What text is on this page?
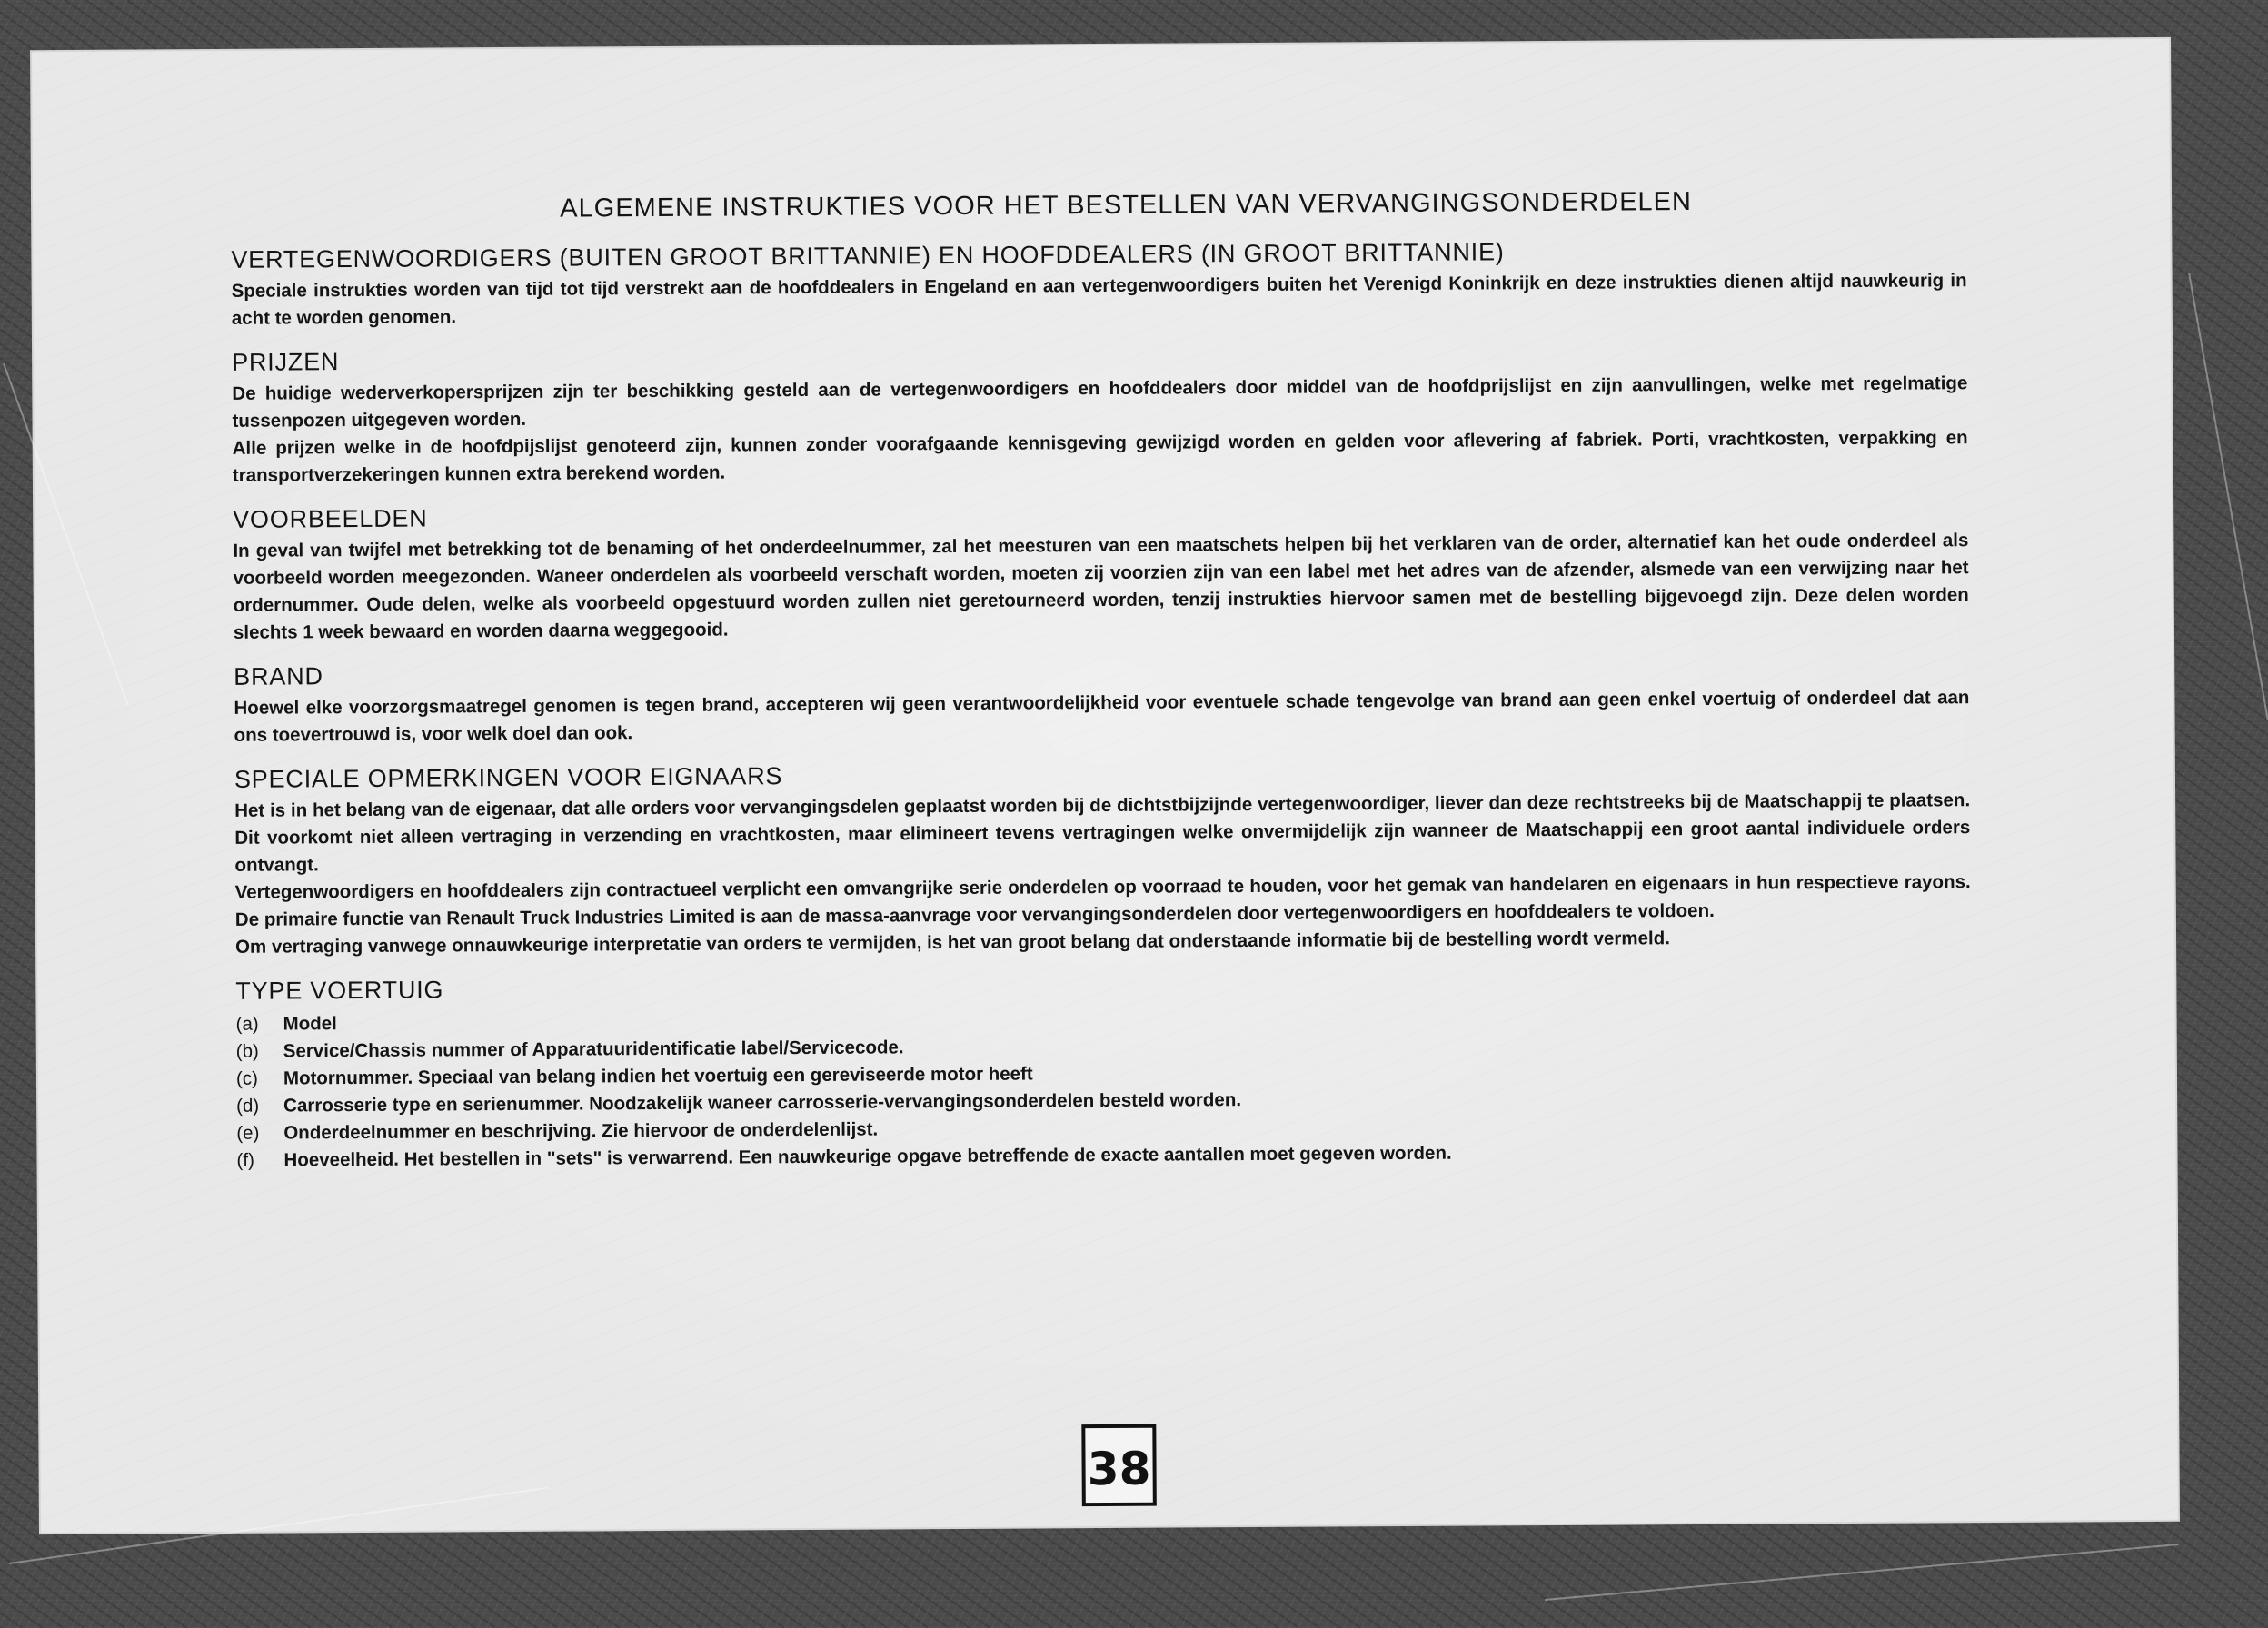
ALGEMENE INSTRUKTIES VOOR HET BESTELLEN VAN VERVANGINGSONDERDELEN
VERTEGENWOORDIGERS (BUITEN GROOT BRITTANNIE) EN HOOFDDEALERS (IN GROOT BRITTANNIE)

Speciale instrukties worden van tijd tot tijd verstrekt aan de hoofddealers in Engeland en aan vertegenwoordigers buiten het Verenigd Koninkrijk en deze instrukties dienen altijd nauwkeurig in acht te worden genomen.

PRIJZEN

De huidige wederverkopersprijzen zijn ter beschikking gesteld aan de vertegenwoordigers en hoofddealers door middel van de hoofdprijslijst en zijn aanvullingen, welke met regelmatige tussenpozen uitgegeven worden.

Alle prijzen welke in de hoofdpijslijst genoteerd zijn, kunnen zonder voorafgaande kennisgeving gewijzigd worden en gelden voor aflevering af fabriek. Porti, vrachtkosten, verpakking en transportverzekeringen kunnen extra berekend worden.

VOORBEELDEN

In geval van twijfel met betrekking tot de benaming of het onderdeelnummer, zal het meesturen van een maatschets helpen bij het verklaren van de order, alternatief kan het oude onderdeel als voorbeeld worden meegezonden. Waneer onderdelen als voorbeeld verschaft worden, moeten zij voorzien zijn van een label met het adres van de afzender, alsmede van een verwijzing naar het ordernummer. Oude delen, welke als voorbeeld opgestuurd worden zullen niet geretourneerd worden, tenzij instrukties hiervoor samen met de bestelling bijgevoegd zijn. Deze delen worden slechts 1 week bewaard en worden daarna weggegooid.

BRAND

Hoewel elke voorzorgsmaatregel genomen is tegen brand, accepteren wij geen verantwoordelijkheid voor eventuele schade tengevolge van brand aan geen enkel voertuig of onderdeel dat aan ons toevertrouwd is, voor welk doel dan ook.

SPECIALE OPMERKINGEN VOOR EIGNAARS

Het is in het belang van de eigenaar, dat alle orders voor vervangingsdelen geplaatst worden bij de dichtstbijzijnde vertegenwoordiger, liever dan deze rechtstreeks bij de Maatschappij te plaatsen. Dit voorkomt niet alleen vertraging in verzending en vrachtkosten, maar elimineert tevens vertragingen welke onvermijdelijk zijn wanneer de Maatschappij een groot aantal individuele orders ontvangt.

Vertegenwoordigers en hoofddealers zijn contractueel verplicht een omvangrijke serie onderdelen op voorraad te houden, voor het gemak van handelaren en eigenaars in hun respectieve rayons. De primaire functie van Renault Truck Industries Limited is aan de massa-aanvrage voor vervangingsonderdelen door vertegenwoordigers en hoofddealers te voldoen.

Om vertraging vanwege onnauwkeurige interpretatie van orders te vermijden, is het van groot belang dat onderstaande informatie bij de bestelling wordt vermeld.

TYPE VOERTUIG
(a)	Model
(b)	Service/Chassis nummer of Apparatuuridentificatie label/Servicecode.
(c)	Motornummer. Speciaal van belang indien het voertuig een gereviseerde motor heeft
(d)	Carrosserie type en serienummer. Noodzakelijk waneer carrosserie-vervangingsonderdelen besteld worden.
(e)	Onderdeelnummer en beschrijving. Zie hiervoor de onderdelenlijst.
(f)	Hoeveelheid. Het bestellen in "sets" is verwarrend. Een nauwkeurige opgave betreffende de exacte aantallen moet gegeven worden.
38
